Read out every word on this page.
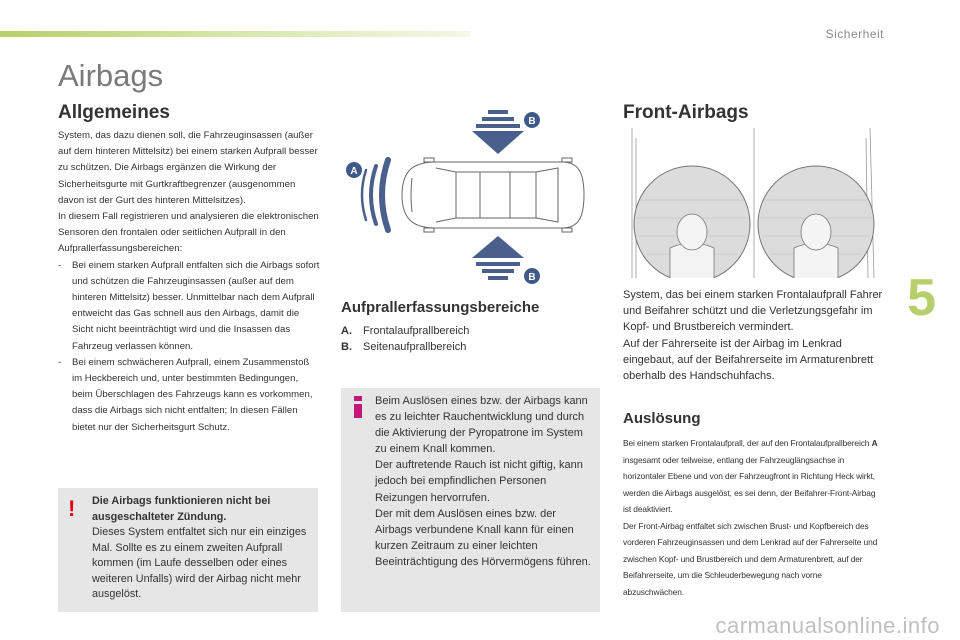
Sicherheit
5
Airbags
Allgemeines

System, das dazu dienen soll, die Fahrzeuginsassen (außer auf dem hinteren Mittelsitz) bei einem starken Aufprall besser zu schützen. Die Airbags ergänzen die Wirkung der Sicherheitsgurte mit Gurtkraftbegrenzer (ausgenommen davon ist der Gurt des hinteren Mittelsitzes).

In diesem Fall registrieren und analysieren die elektronischen Sensoren den frontalen oder seitlichen Aufprall in den Aufprallerfassungsbereichen:

-	Bei einem starken Aufprall entfalten sich die Airbags sofort und schützen die Fahrzeuginsassen (außer auf dem hinteren Mittelsitz) besser. Unmittelbar nach dem Aufprall entweicht das Gas schnell aus den Airbags, damit die Sicht nicht beeinträchtigt wird und die Insassen das Fahrzeug verlassen können.
-	Bei einem schwächeren Aufprall, einem Zusammenstoß im Heckbereich und, unter bestimmten Bedingungen, beim Überschlagen des Fahrzeugs kann es vorkommen, dass die Airbags sich nicht entfalten; In diesen Fällen bietet nur der Sicherheitsgurt Schutz.
! Die Airbags funktionieren nicht bei ausgeschalteter Zündung.
Dieses System entfaltet sich nur ein einziges Mal. Sollte es zu einem zweiten Aufprall kommen (im Laufe desselben oder eines weiteren Unfalls) wird der Airbag nicht mehr ausgelöst.
A
B
B
Aufprallerfassungsbereiche
A.	Frontalaufprallbereich
B.	Seitenaufprallbereich
Beim Auslösen eines bzw. der Airbags kann es zu leichter Rauchentwicklung und durch die Aktivierung der Pyropatrone im System zu einem Knall kommen.
Der auftretende Rauch ist nicht giftig, kann jedoch bei empfindlichen Personen Reizungen hervorrufen.
Der mit dem Auslösen eines bzw. der Airbags verbundene Knall kann für einen kurzen Zeitraum zu einer leichten Beeinträchtigung des Hörvermögens führen.
Front-Airbags
System, das bei einem starken Frontalaufprall Fahrer und Beifahrer schützt und die Verletzungsgefahr im Kopf- und Brustbereich vermindert.
Auf der Fahrerseite ist der Airbag im Lenkrad eingebaut, auf der Beifahrerseite im Armaturenbrett oberhalb des Handschuhfachs.
Auslösung
Bei einem starken Frontalaufprall, der auf den Frontalaufprallbereich A insgesamt oder teilweise, entlang der Fahrzeuglängsachse in horizontaler Ebene und von der Fahrzeugfront in Richtung Heck wirkt, werden die Airbags ausgelöst, es sei denn, der Beifahrer-Front-Airbag ist deaktiviert.
Der Front-Airbag entfaltet sich zwischen Brust- und Kopfbereich des vorderen Fahrzeuginsassen und dem Lenkrad auf der Fahrerseite und zwischen Kopf- und Brustbereich und dem Armaturenbrett, auf der Beifahrerseite, um die Schleuderbewegung nach vorne abzuschwächen.
carmanualsonline.info
